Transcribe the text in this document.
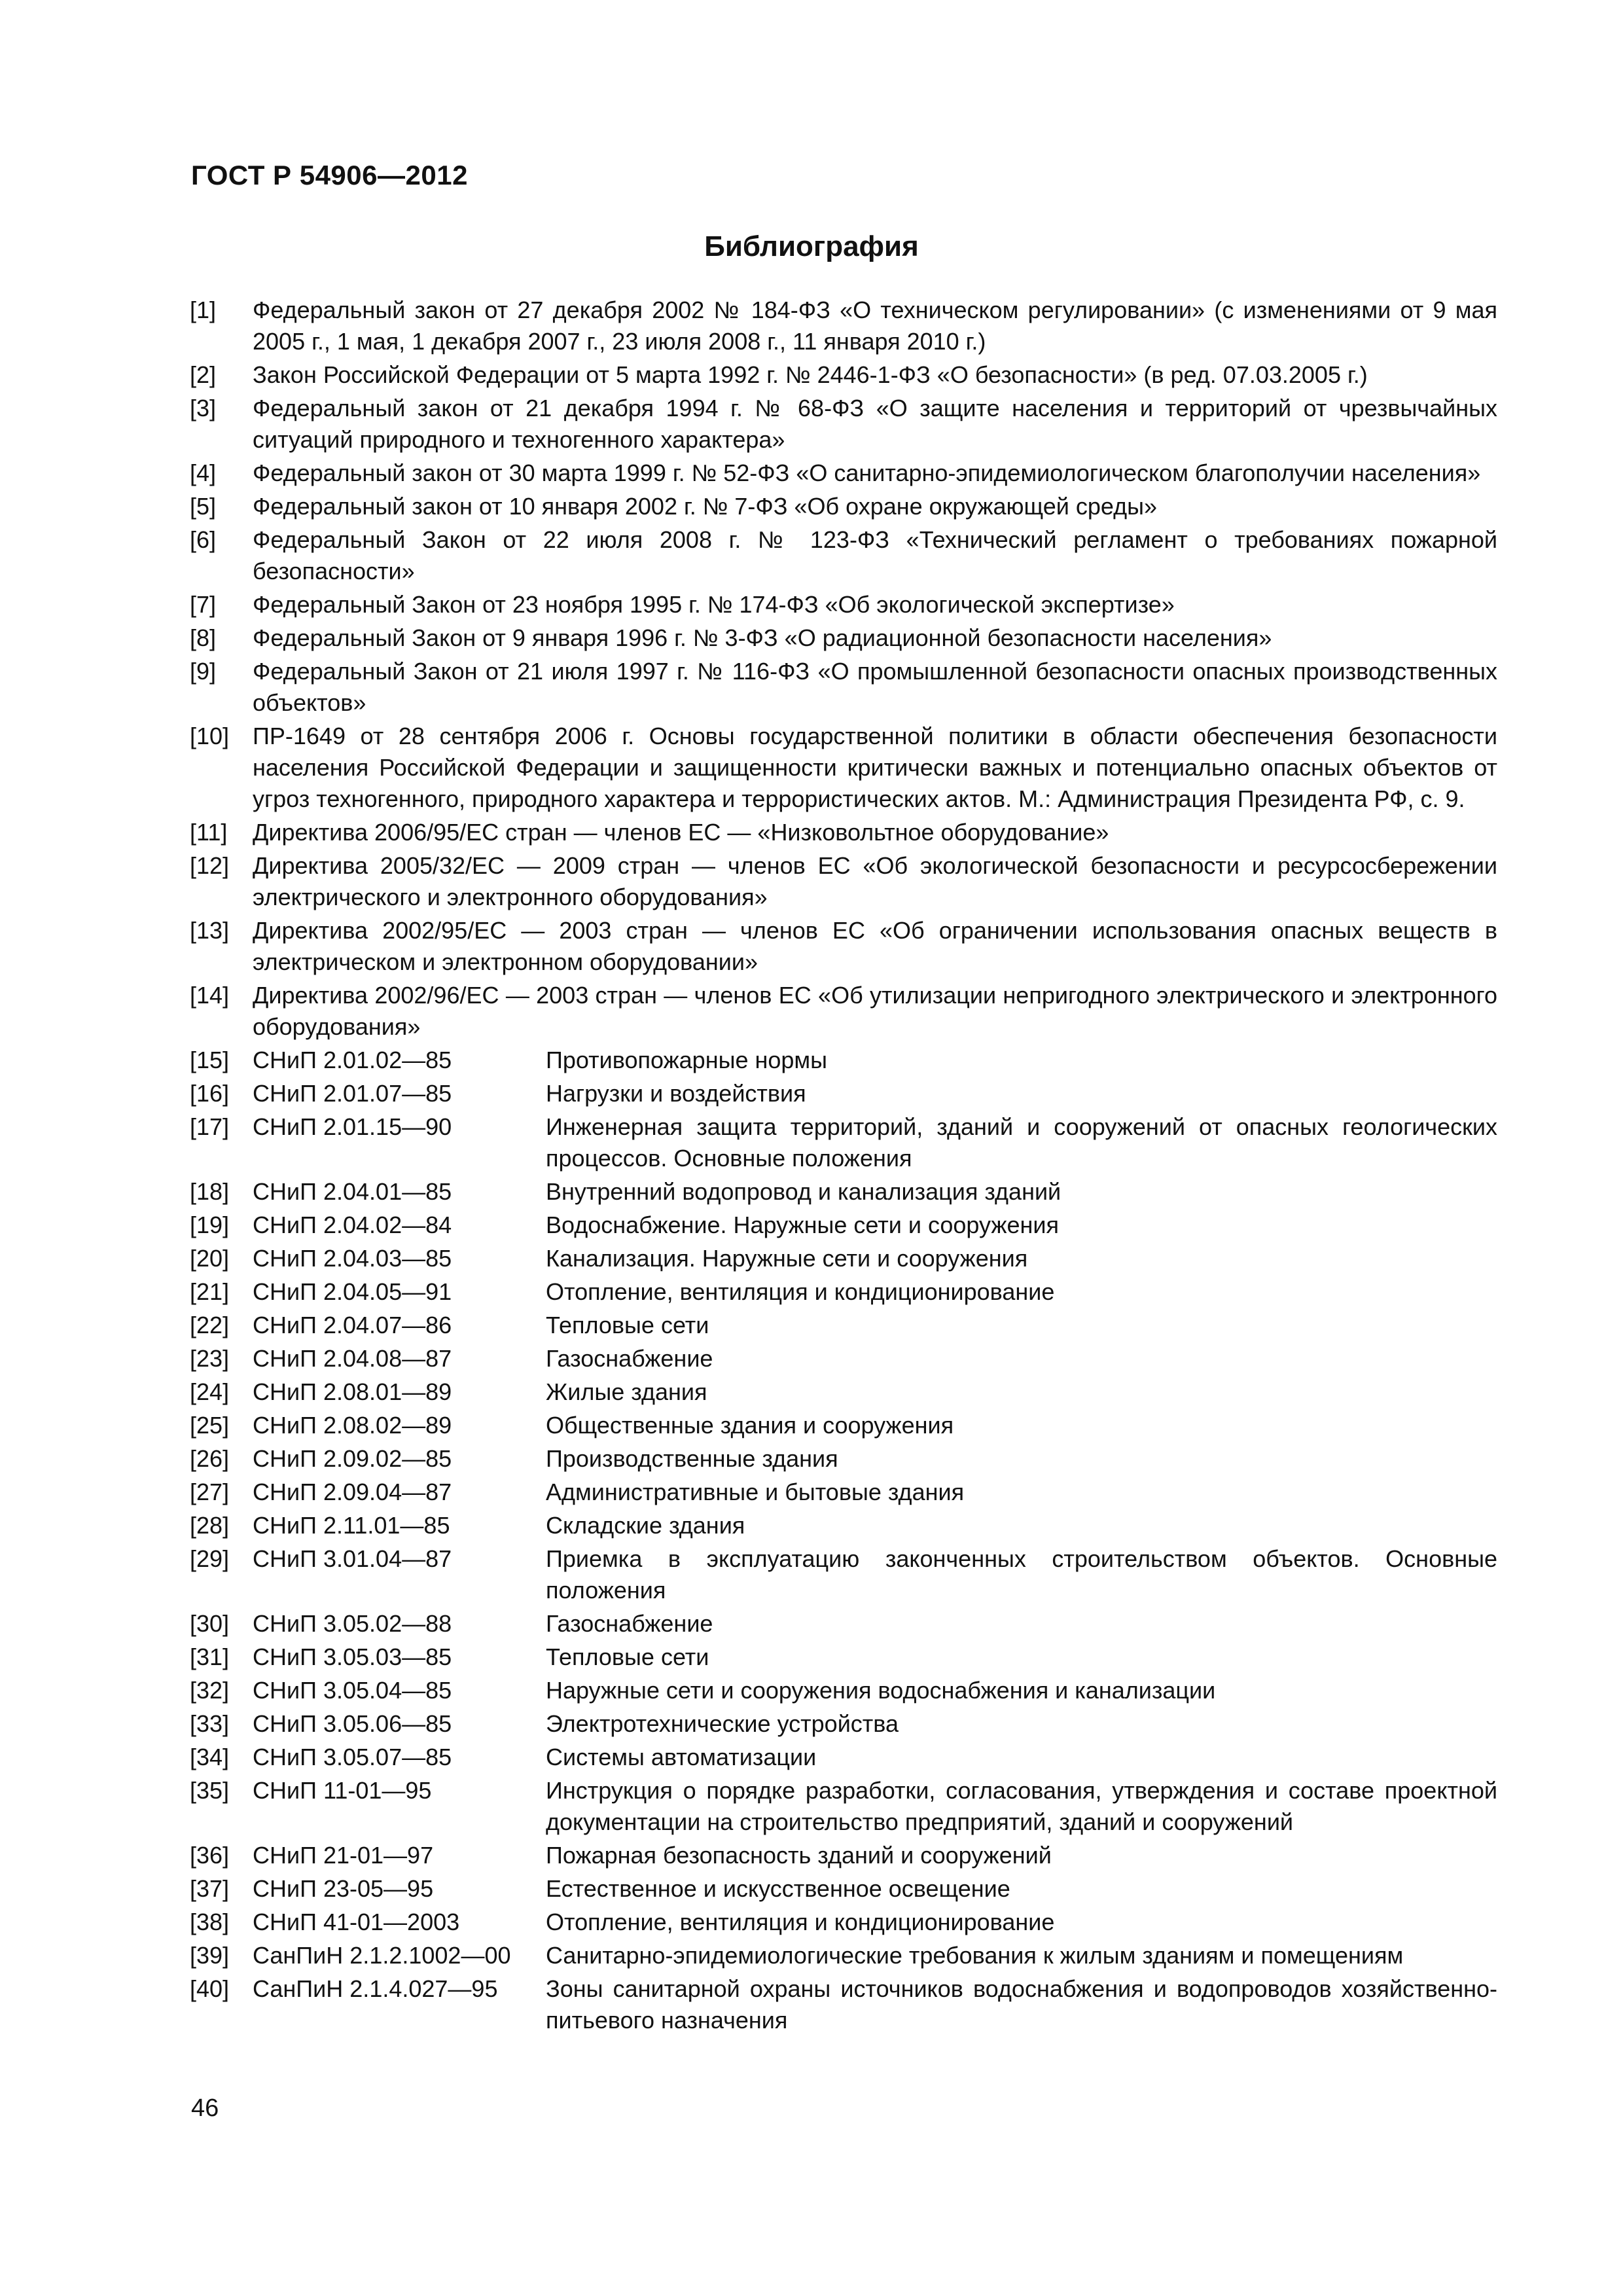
ГОСТ Р 54906—2012
Библиография
[1]	Федеральный закон от 27 декабря 2002 № 184-ФЗ «О техническом регулировании» (с изменениями от 9 мая 2005 г., 1 мая, 1 декабря 2007 г., 23 июля 2008 г., 11 января 2010 г.)
[2]	Закон Российской Федерации от 5 марта 1992 г. № 2446-1-ФЗ «О безопасности» (в ред. 07.03.2005 г.)
[3]	Федеральный закон от 21 декабря 1994 г. № 68-ФЗ «О защите населения и территорий от чрезвычайных ситуаций природного и техногенного характера»
[4]	Федеральный закон от 30 марта 1999 г. № 52-ФЗ «О санитарно-эпидемиологическом благополучии населения»
[5]	Федеральный закон от 10 января 2002 г. № 7-ФЗ «Об охране окружающей среды»
[6]	Федеральный Закон от 22 июля 2008 г. № 123-ФЗ «Технический регламент о требованиях пожарной безопасности»
[7]	Федеральный Закон от 23 ноября 1995 г. № 174-ФЗ «Об экологической экспертизе»
[8]	Федеральный Закон от 9 января 1996 г. № 3-ФЗ «О радиационной безопасности населения»
[9]	Федеральный Закон от 21 июля 1997 г. № 116-ФЗ «О промышленной безопасности опасных производственных объектов»
[10] ПР-1649 от 28 сентября 2006 г. Основы государственной политики в области обеспечения безопасности населения Российской Федерации и защищенности критически важных и потенциально опасных объектов от угроз техногенного, природного характера и террористических актов. М.: Администрация Президента РФ, с. 9.
[11]	Директива 2006/95/ЕС стран — членов ЕС — «Низковольтное оборудование»
[12] Директива 2005/32/ЕС — 2009 стран — членов ЕС «Об экологической безопасности и ресурсосбережении электрического и электронного оборудования»
[13] Директива 2002/95/ЕС — 2003 стран — членов ЕС «Об ограничении использования опасных веществ в электрическом и электронном оборудовании»
[14] Директива 2002/96/ЕС — 2003 стран — членов ЕС «Об утилизации непригодного электрического и электронного оборудования»
[15] СНиП 2.01.02—85	Противопожарные нормы
[16] СНиП 2.01.07—85	Нагрузки и воздействия
[17] СНиП 2.01.15—90	Инженерная защита территорий, зданий и сооружений от опасных геологических процессов. Основные положения
[18] СНиП 2.04.01—85	Внутренний водопровод и канализация зданий
[19] СНиП 2.04.02—84	Водоснабжение. Наружные сети и сооружения
[20] СНиП 2.04.03—85	Канализация. Наружные сети и сооружения
[21] СНиП 2.04.05—91	Отопление, вентиляция и кондиционирование
[22] СНиП 2.04.07—86	Тепловые сети
[23] СНиП 2.04.08—87	Газоснабжение
[24] СНиП 2.08.01—89	Жилые здания
[25] СНиП 2.08.02—89	Общественные здания и сооружения
[26] СНиП 2.09.02—85	Производственные здания
[27] СНиП 2.09.04—87	Административные и бытовые здания
[28] СНиП 2.11.01—85	Складские здания
[29] СНиП 3.01.04—87	Приемка в эксплуатацию законченных строительством объектов. Основные положения
[30] СНиП 3.05.02—88	Газоснабжение
[31] СНиП 3.05.03—85	Тепловые сети
[32] СНиП 3.05.04—85	Наружные сети и сооружения водоснабжения и канализации
[33] СНиП 3.05.06—85	Электротехнические устройства
[34] СНиП 3.05.07—85	Системы автоматизации
[35] СНиП 11-01—95	Инструкция о порядке разработки, согласования, утверждения и составе проектной документации на строительство предприятий, зданий и сооружений
[36] СНиП 21-01—97	Пожарная безопасность зданий и сооружений
[37] СНиП 23-05—95	Естественное и искусственное освещение
[38] СНиП 41-01—2003	Отопление, вентиляция и кондиционирование
[39] СанПиН 2.1.2.1002—00	Санитарно-эпидемиологические требования к жилым зданиям и помещениям
[40] СанПиН 2.1.4.027—95	Зоны санитарной охраны источников водоснабжения и водопроводов хозяйственно-питьевого назначения
46
